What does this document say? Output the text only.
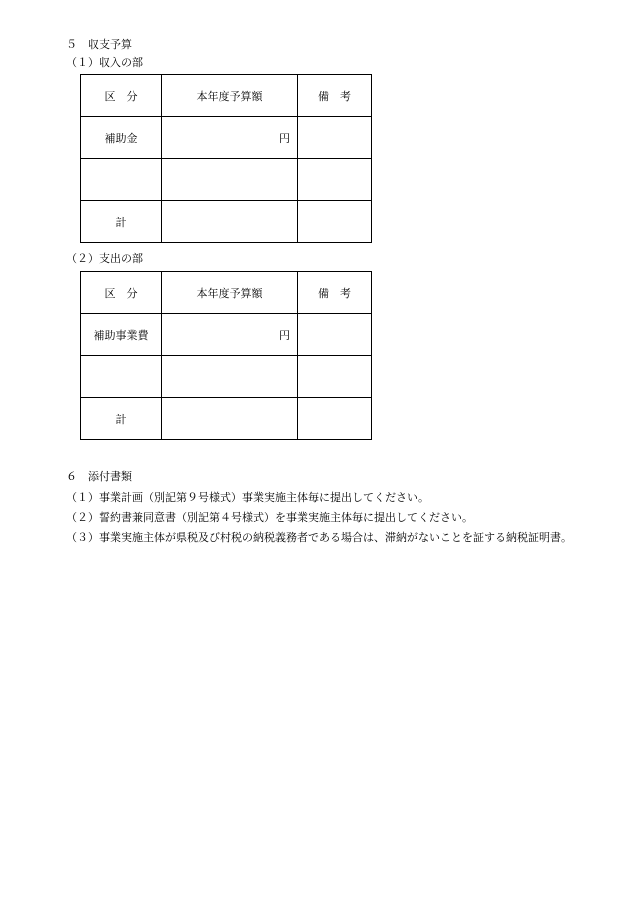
５　収支予算
（１）収入の部
区　分	本年度予算額	備　考
補助金	円	

計		
（２）支出の部
区　分	本年度予算額	備　考
補助事業費	円	

計		
６　添付書類
（１）事業計画（別記第９号様式）事業実施主体毎に提出してください。
（２）誓約書兼同意書（別記第４号様式）を事業実施主体毎に提出してください。
（３）事業実施主体が県税及び村税の納税義務者である場合は、滞納がないことを証する納税証明書。
